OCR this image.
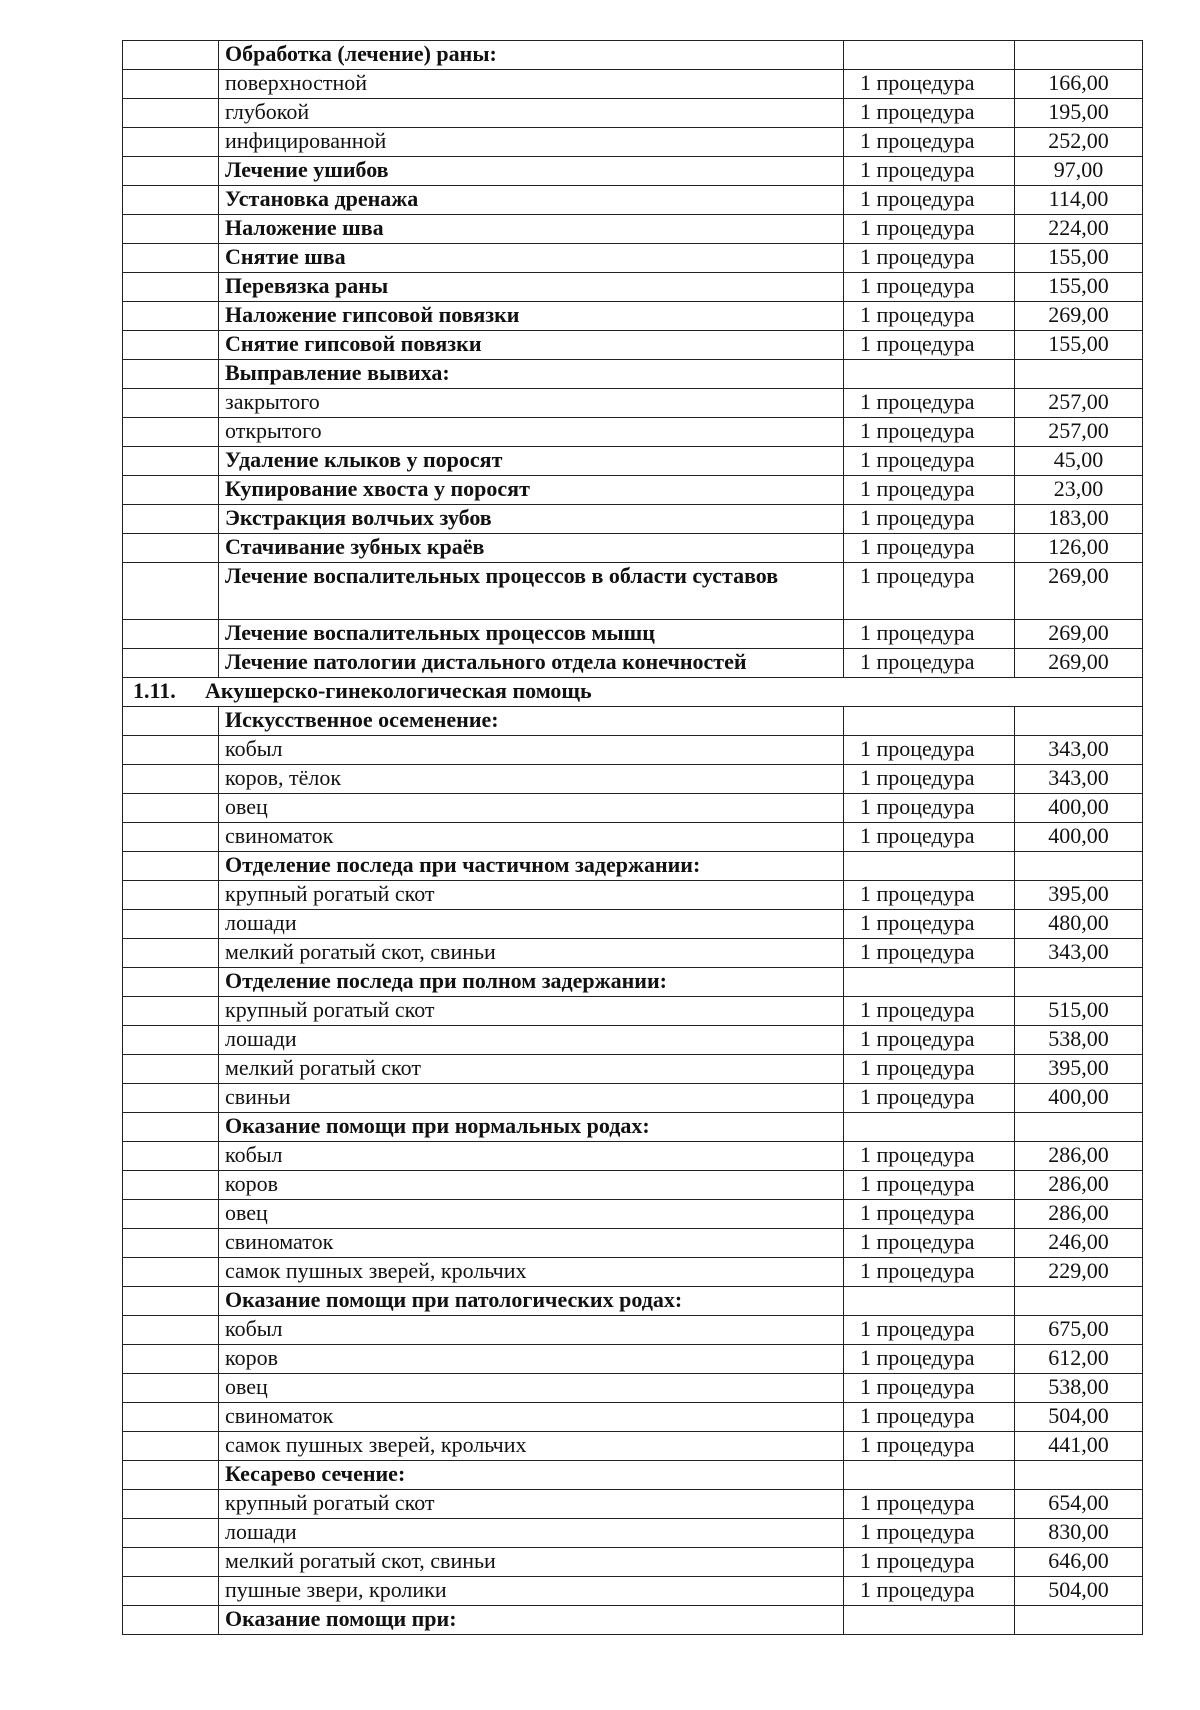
	Обработка (лечение) раны:		
	поверхностной	1 процедура	166,00
	глубокой	1 процедура	195,00
	инфицированной	1 процедура	252,00
	Лечение ушибов	1 процедура	97,00
	Установка дренажа	1 процедура	114,00
	Наложение шва	1 процедура	224,00
	Снятие шва	1 процедура	155,00
	Перевязка раны	1 процедура	155,00
	Наложение гипсовой повязки	1 процедура	269,00
	Снятие гипсовой повязки	1 процедура	155,00
	Выправление вывиха:		
	закрытого	1 процедура	257,00
	открытого	1 процедура	257,00
	Удаление клыков у поросят	1 процедура	45,00
	Купирование хвоста у поросят	1 процедура	23,00
	Экстракция волчьих зубов	1 процедура	183,00
	Стачивание зубных краёв	1 процедура	126,00
	Лечение воспалительных процессов в области суставов	1 процедура	269,00
	Лечение воспалительных процессов мышц	1 процедура	269,00
	Лечение патологии дистального отдела конечностей	1 процедура	269,00
1.11. Акушерско-гинекологическая помощь			
	Искусственное осеменение:		
	кобыл	1 процедура	343,00
	коров, тёлок	1 процедура	343,00
	овец	1 процедура	400,00
	свиноматок	1 процедура	400,00
	Отделение последа при частичном задержании:		
	крупный рогатый скот	1 процедура	395,00
	лошади	1 процедура	480,00
	мелкий рогатый скот, свиньи	1 процедура	343,00
	Отделение последа при полном задержании:		
	крупный рогатый скот	1 процедура	515,00
	лошади	1 процедура	538,00
	мелкий рогатый скот	1 процедура	395,00
	свиньи	1 процедура	400,00
	Оказание помощи при нормальных родах:		
	кобыл	1 процедура	286,00
	коров	1 процедура	286,00
	овец	1 процедура	286,00
	свиноматок	1 процедура	246,00
	самок пушных зверей, крольчих	1 процедура	229,00
	Оказание помощи при патологических родах:		
	кобыл	1 процедура	675,00
	коров	1 процедура	612,00
	овец	1 процедура	538,00
	свиноматок	1 процедура	504,00
	самок пушных зверей, крольчих	1 процедура	441,00
	Кесарево сечение:		
	крупный рогатый скот	1 процедура	654,00
	лошади	1 процедура	830,00
	мелкий рогатый скот, свиньи	1 процедура	646,00
	пушные звери, кролики	1 процедура	504,00
	Оказание помощи при:		
